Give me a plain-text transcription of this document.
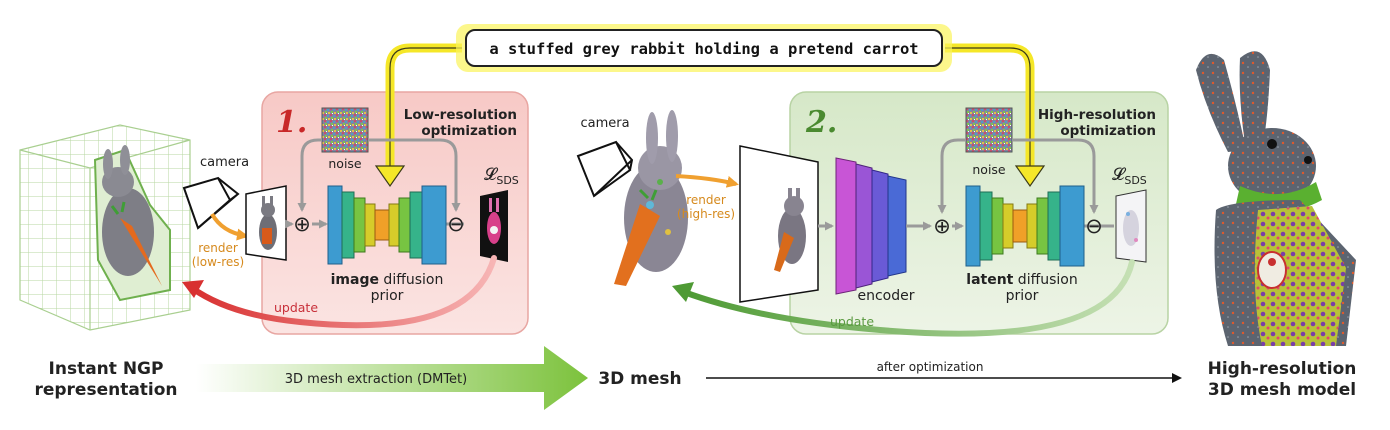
a stuffed grey rabbit holding a pretend carrot
1.	Low-resolution
optimization
camera
render
(low-res)
noise
⊕	⊖
image diffusion
prior
𝓛$_{SDS}$
update
camera
render
(high-res)
2.	High-resolution
optimization
encoder
noise
⊕	⊖
latent diffusion
prior
𝓛$_{SDS}$
update
Instant NGP
representation
3D mesh extraction (DMTet)	3D mesh
after optimization	High-resolution
3D mesh model
